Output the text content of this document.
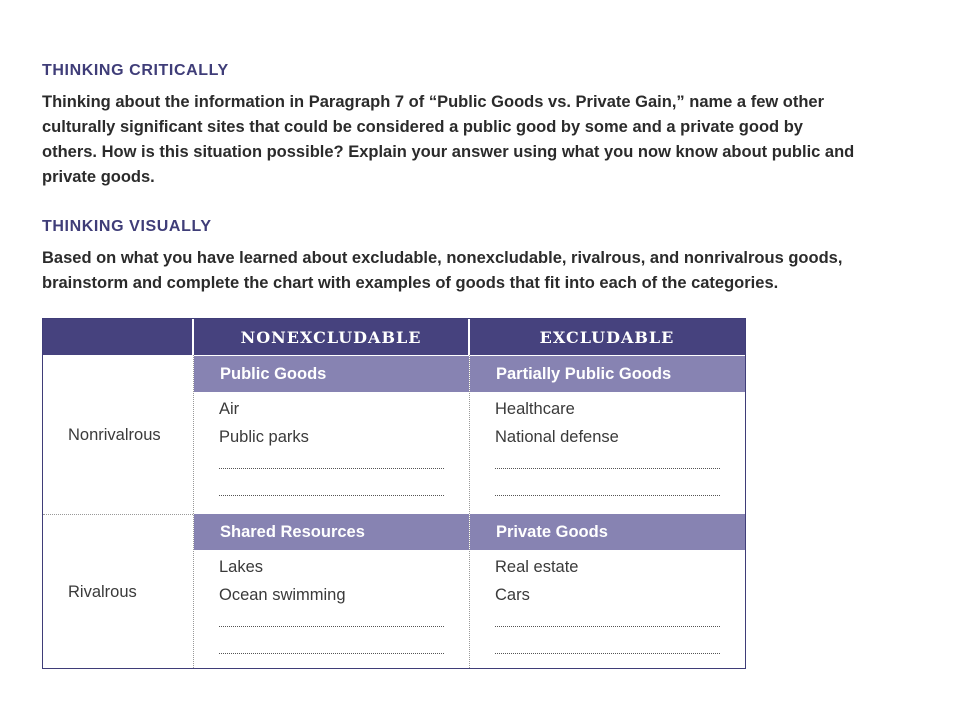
THINKING CRITICALLY
Thinking about the information in Paragraph 7 of “Public Goods vs. Private Gain,” name a few other
culturally significant sites that could be considered a public good by some and a private good by
others. How is this situation possible? Explain your answer using what you now know about public and
private goods.
THINKING VISUALLY
Based on what you have learned about excludable, nonexcludable, rivalrous, and nonrivalrous goods,
brainstorm and complete the chart with examples of goods that fit into each of the categories.
NONEXCLUDABLE	EXCLUDABLE
Nonrivalrous
Public Goods
Air
Public parks
Partially Public Goods
Healthcare
National defense
Rivalrous
Shared Resources
Lakes
Ocean swimming
Private Goods
Real estate
Cars
